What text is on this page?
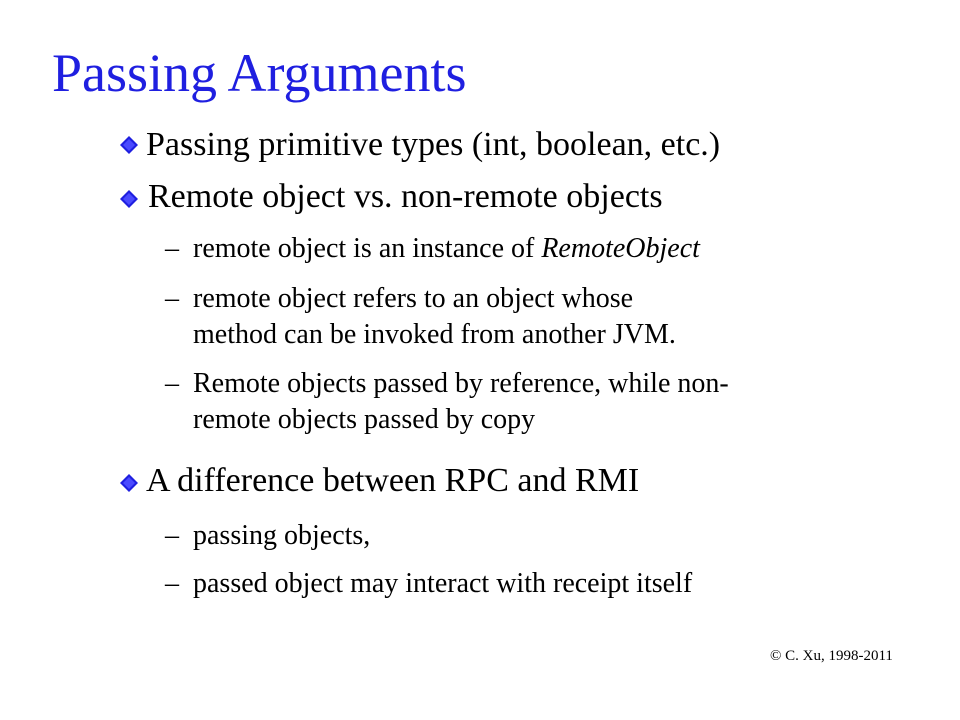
Passing Arguments
Passing primitive types (int, boolean, etc.)
Remote object vs. non-remote objects
– remote object is an instance of RemoteObject
– remote object refers to an object whose
method can be invoked from another JVM.
– Remote objects passed by reference, while non-
remote objects passed by copy
A difference between RPC and RMI
– passing objects,
– passed object may interact with receipt itself
© C. Xu, 1998-2011
